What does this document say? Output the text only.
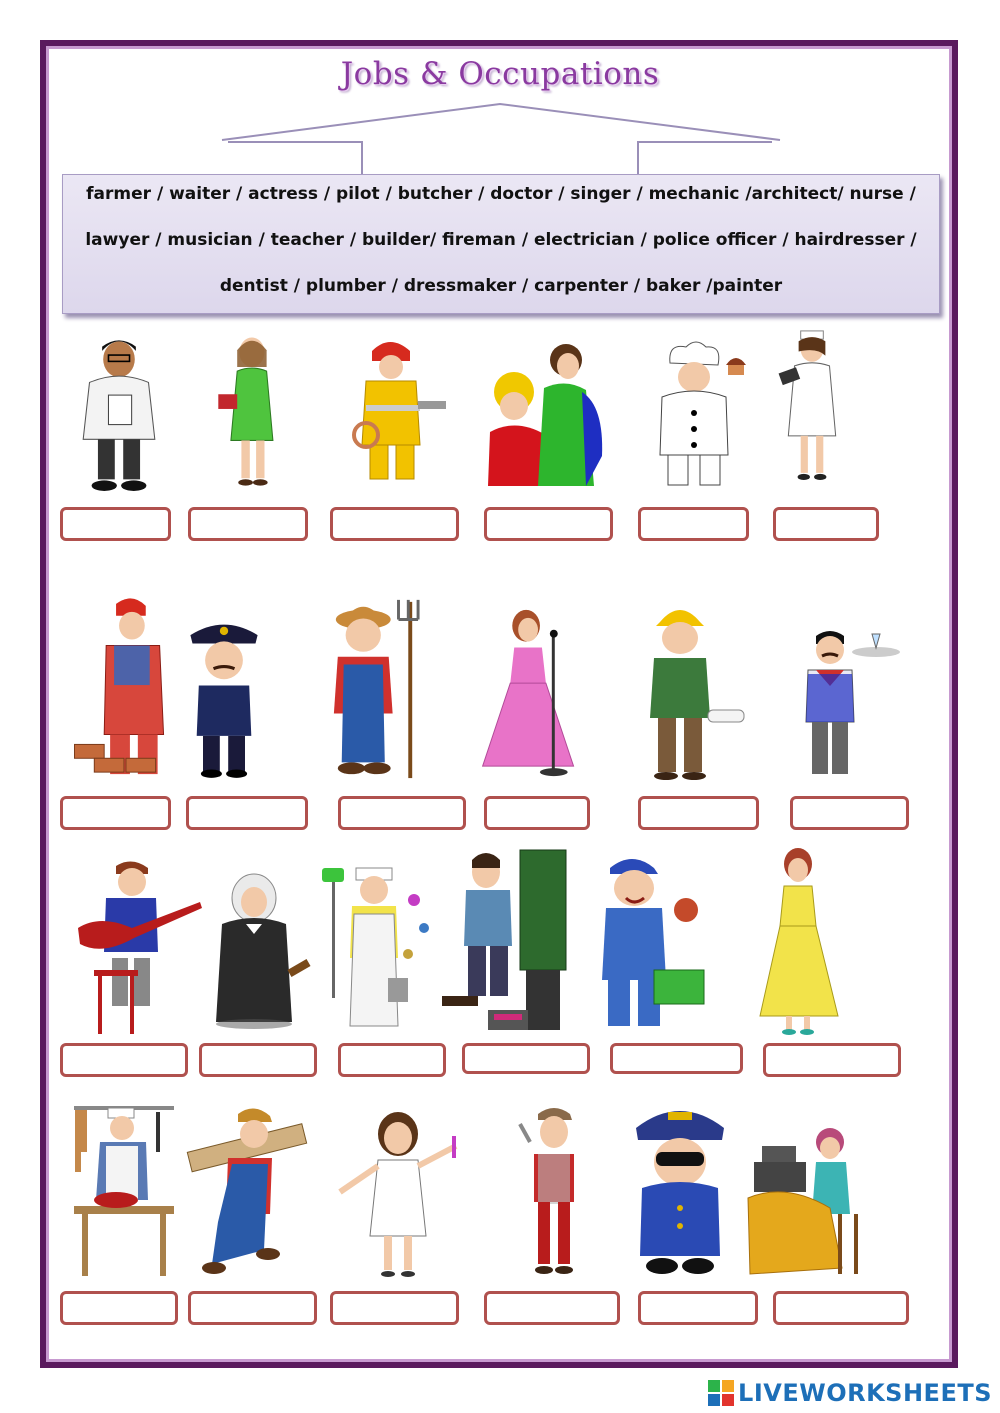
Jobs & Occupations
farmer / waiter / actress / pilot / butcher / doctor / singer / mechanic /architect/ nurse /
lawyer / musician / teacher / builder/ fireman / electrician / police officer / hairdresser /
dentist / plumber / dressmaker / carpenter / baker /painter
LIVEWORKSHEETS
